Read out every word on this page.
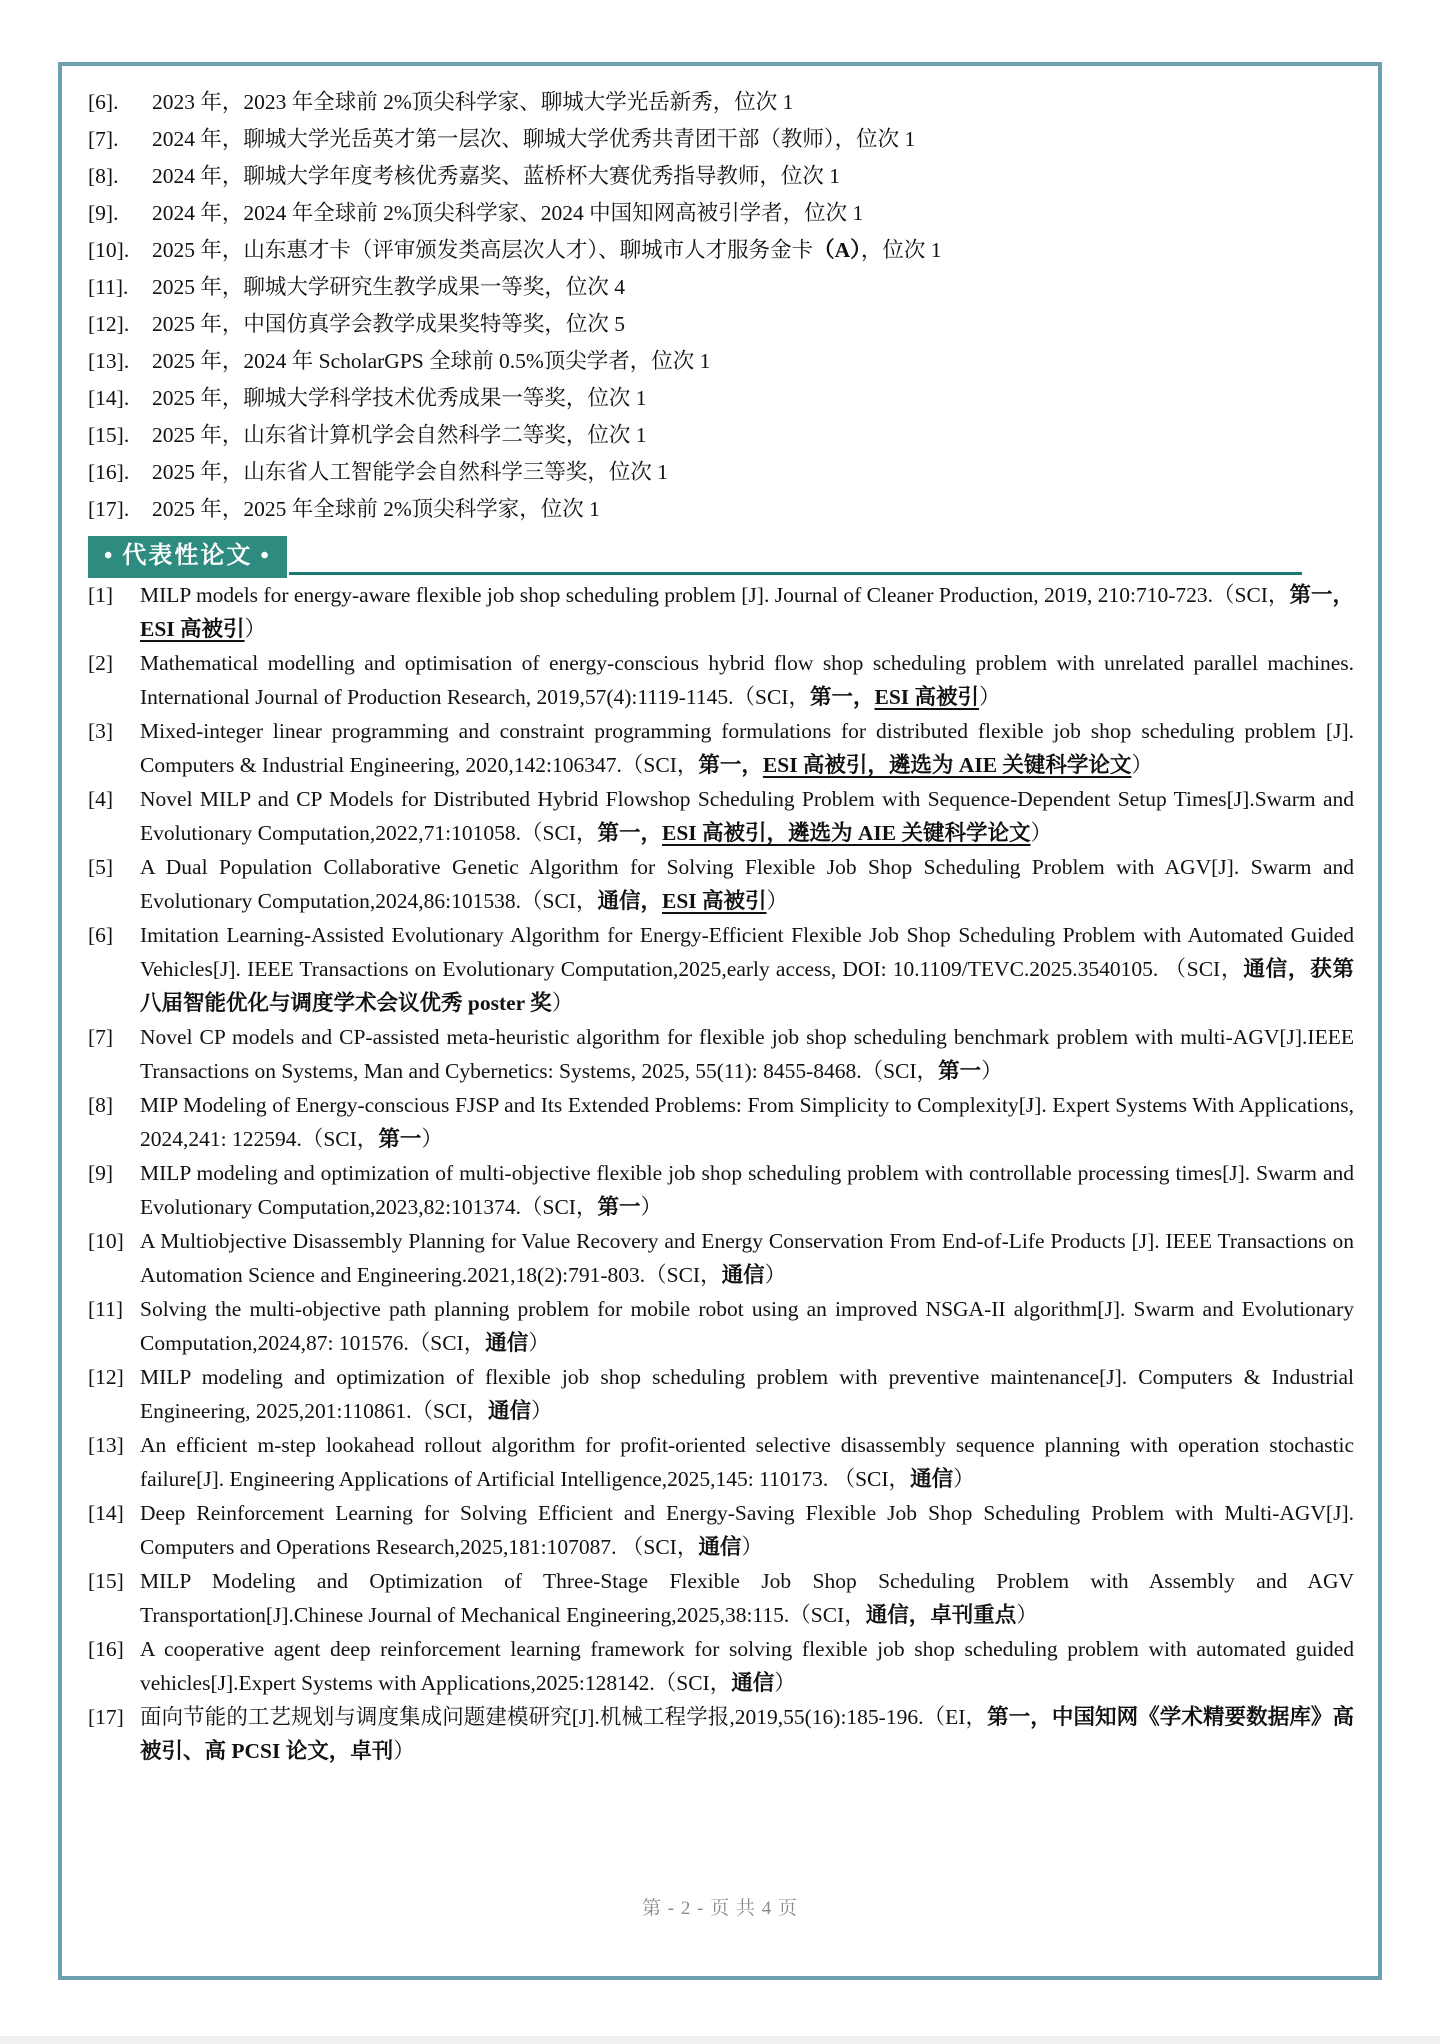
[6]. 2023 年，2023 年全球前 2%顶尖科学家、聊城大学光岳新秀，位次 1
[7]. 2024 年，聊城大学光岳英才第一层次、聊城大学优秀共青团干部（教师），位次 1
[8]. 2024 年，聊城大学年度考核优秀嘉奖、蓝桥杯大赛优秀指导教师，位次 1
[9]. 2024 年，2024 年全球前 2%顶尖科学家、2024 中国知网高被引学者，位次 1
[10]. 2025 年，山东惠才卡（评审颁发类高层次人才）、聊城市人才服务金卡（A），位次 1
[11]. 2025 年，聊城大学研究生教学成果一等奖，位次 4
[12]. 2025 年，中国仿真学会教学成果奖特等奖，位次 5
[13]. 2025 年，2024 年 ScholarGPS 全球前 0.5%顶尖学者，位次 1
[14]. 2025 年，聊城大学科学技术优秀成果一等奖，位次 1
[15]. 2025 年，山东省计算机学会自然科学二等奖，位次 1
[16]. 2025 年，山东省人工智能学会自然科学三等奖，位次 1
[17]. 2025 年，2025 年全球前 2%顶尖科学家，位次 1
• 代表性论文 •
[1] MILP models for energy-aware flexible job shop scheduling problem [J]. Journal of Cleaner Production, 2019, 210:710-723.（SCI，第一，ESI 高被引）
[2] Mathematical modelling and optimisation of energy-conscious hybrid flow shop scheduling problem with unrelated parallel machines. International Journal of Production Research, 2019,57(4):1119-1145.（SCI，第一，ESI 高被引）
[3] Mixed-integer linear programming and constraint programming formulations for distributed flexible job shop scheduling problem [J]. Computers & Industrial Engineering, 2020,142:106347.（SCI，第一，ESI 高被引，遴选为 AIE 关键科学论文）
[4] Novel MILP and CP Models for Distributed Hybrid Flowshop Scheduling Problem with Sequence-Dependent Setup Times[J].Swarm and Evolutionary Computation,2022,71:101058.（SCI，第一，ESI 高被引，遴选为 AIE 关键科学论文）
[5] A Dual Population Collaborative Genetic Algorithm for Solving Flexible Job Shop Scheduling Problem with AGV[J]. Swarm and Evolutionary Computation,2024,86:101538.（SCI，通信，ESI 高被引）
[6] Imitation Learning-Assisted Evolutionary Algorithm for Energy-Efficient Flexible Job Shop Scheduling Problem with Automated Guided Vehicles[J]. IEEE Transactions on Evolutionary Computation,2025,early access, DOI: 10.1109/TEVC.2025.3540105. （SCI，通信，获第八届智能优化与调度学术会议优秀 poster 奖）
[7] Novel CP models and CP-assisted meta-heuristic algorithm for flexible job shop scheduling benchmark problem with multi-AGV[J].IEEE Transactions on Systems, Man and Cybernetics: Systems, 2025, 55(11): 8455-8468.（SCI，第一）
[8] MIP Modeling of Energy-conscious FJSP and Its Extended Problems: From Simplicity to Complexity[J]. Expert Systems With Applications, 2024,241: 122594.（SCI，第一）
[9] MILP modeling and optimization of multi-objective flexible job shop scheduling problem with controllable processing times[J]. Swarm and Evolutionary Computation,2023,82:101374.（SCI，第一）
[10] A Multiobjective Disassembly Planning for Value Recovery and Energy Conservation From End-of-Life Products [J]. IEEE Transactions on Automation Science and Engineering.2021,18(2):791-803.（SCI，通信）
[11] Solving the multi-objective path planning problem for mobile robot using an improved NSGA-II algorithm[J]. Swarm and Evolutionary Computation,2024,87: 101576.（SCI，通信）
[12] MILP modeling and optimization of flexible job shop scheduling problem with preventive maintenance[J]. Computers & Industrial Engineering, 2025,201:110861.（SCI，通信）
[13] An efficient m-step lookahead rollout algorithm for profit-oriented selective disassembly sequence planning with operation stochastic failure[J]. Engineering Applications of Artificial Intelligence,2025,145: 110173. （SCI，通信）
[14] Deep Reinforcement Learning for Solving Efficient and Energy-Saving Flexible Job Shop Scheduling Problem with Multi-AGV[J]. Computers and Operations Research,2025,181:107087. （SCI，通信）
[15] MILP Modeling and Optimization of Three-Stage Flexible Job Shop Scheduling Problem with Assembly and AGV Transportation[J].Chinese Journal of Mechanical Engineering,2025,38:115.（SCI，通信，卓刊重点）
[16] A cooperative agent deep reinforcement learning framework for solving flexible job shop scheduling problem with automated guided vehicles[J].Expert Systems with Applications,2025:128142.（SCI，通信）
[17] 面向节能的工艺规划与调度集成问题建模研究[J].机械工程学报,2019,55(16):185-196.（EI，第一，中国知网《学术精要数据库》高被引、高 PCSI 论文，卓刊）
第 - 2 - 页 共 4 页
